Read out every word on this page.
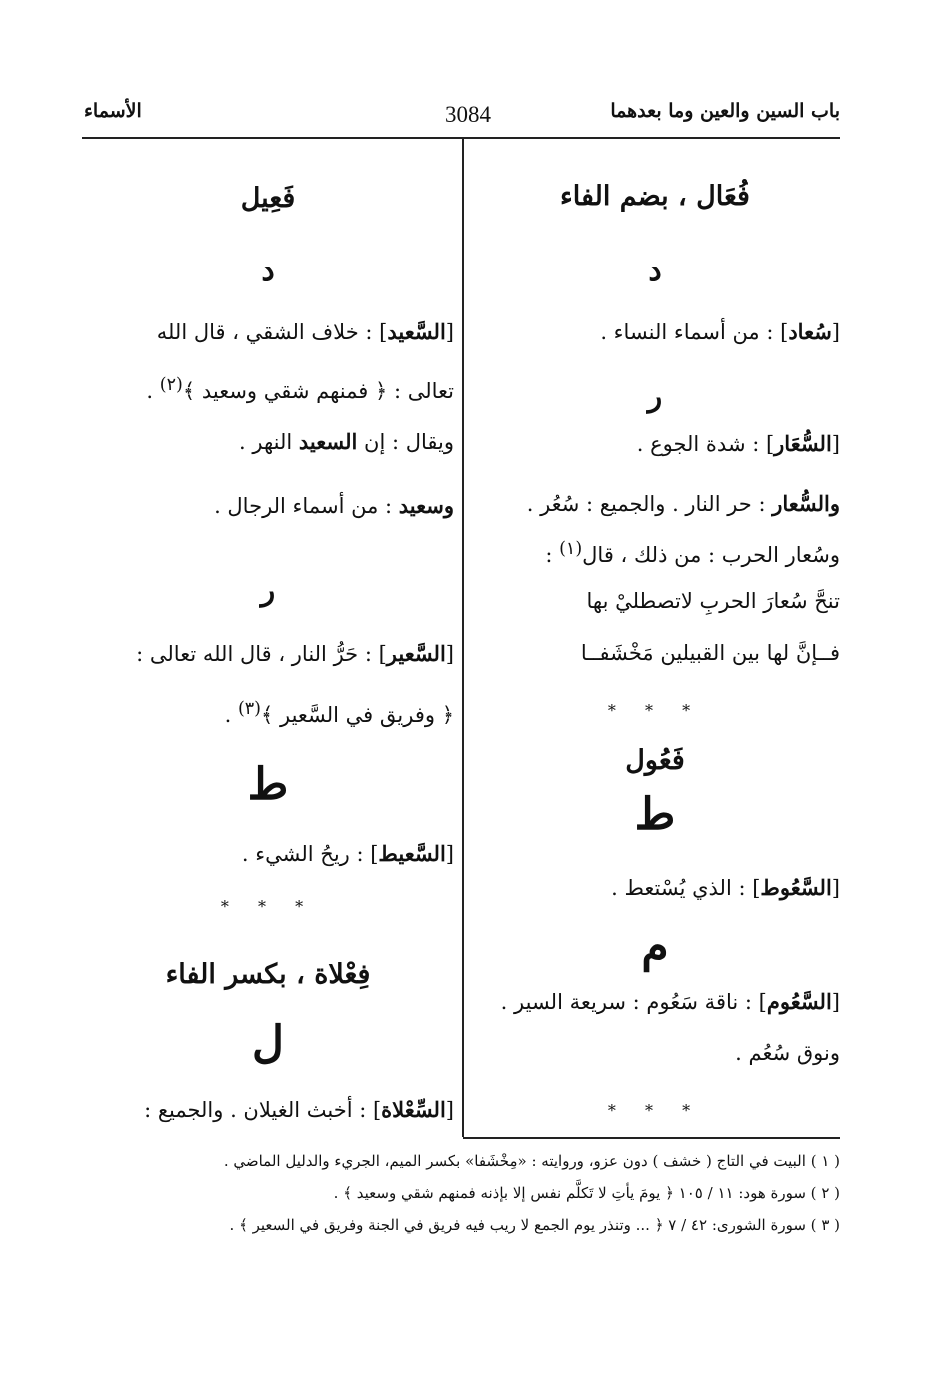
باب السين والعين وما بعدهما
3084
الأسماء
فُعَال ، بضم الفاء
د
[سُعاد] : من أسماء النساء .
ر
[السُّعَار] : شدة الجوع .
والسُّعار : حر النار . والجميع : سُعُر .
وسُعار الحرب : من ذلك ، قال$^{(١)}$ :
تنحَّ سُعارَ الحربِ لاتصطليْ بها
فــإنَّ لها بين القبيلين مَخْشَفــا
* * *
فَعُول
ط
[السَّعُوط] : الذي يُسْتعط .
م
[السَّعُوم] : ناقة سَعُوم : سريعة السير .
ونوق سُعُم .
* * *
فَعِيل
د
[السَّعيد] : خلاف الشقي ، قال الله
تعالى : ﴿ فمنهم شقي وسعيد ﴾$^{(٢)}$ .
ويقال : إن السعيد النهر .
وسعيد : من أسماء الرجال .
ر
[السَّعير] : حَرُّ النار ، قال الله تعالى :
﴿ وفريق في السَّعير ﴾$^{(٣)}$ .
ط
[السَّعيط] : ريحُ الشيء .
* * *
فِعْلاة ، بكسر الفاء
ل
[السِّعْلاة] : أخبث الغيلان . والجميع :
( ١ ) البيت في التاج ( خشف ) دون عزو، وروايته : «مِخْشَفا» بكسر الميم، الجريء والدليل الماضي .
( ٢ ) سورة هود: ١١ / ١٠٥ ﴿ يومَ يأتِ لا تَكلَّم نفس إلا بإذنه فمنهم شقي وسعيد ﴾ .
( ٣ ) سورة الشورى: ٤٢ / ٧ ﴿ ... وتنذر يوم الجمع لا ريب فيه فريق في الجنة وفريق في السعير ﴾ .
